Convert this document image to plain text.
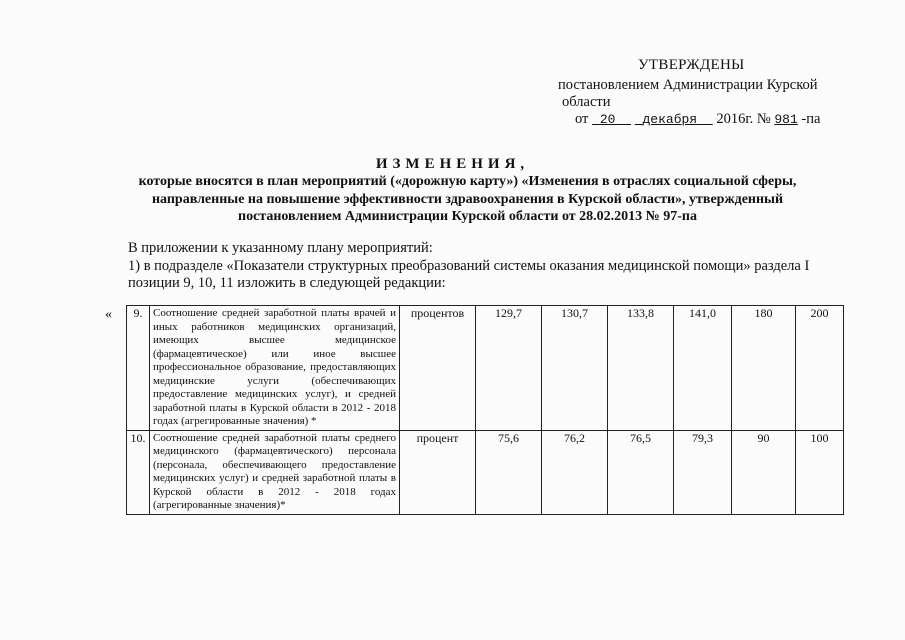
УТВЕРЖДЕНЫ
постановлением Администрации Курской
области
от 20 декабря 2016г. № 981 -па
ИЗМЕНЕНИЯ,
которые вносятся в план мероприятий («дорожную карту») «Изменения в отраслях социальной сферы, направленные на повышение эффективности здравоохранения в Курской области», утвержденный постановлением Администрации Курской области от 28.02.2013 № 97-па
В приложении к указанному плану мероприятий:
1) в подразделе «Показатели структурных преобразований системы оказания медицинской помощи» раздела I
позиции 9, 10, 11 изложить в следующей редакции:
« 9.	Соотношение средней заработной платы врачей и иных работников медицинских организаций, имеющих высшее медицинское (фармацевтическое) или иное высшее профессиональное образование, предоставляющих медицинские услуги (обеспечивающих предоставление медицинских услуг), и средней заработной платы в Курской области в 2012 - 2018 годах (агрегированные значения) *	процентов	129,7	130,7	133,8	141,0	180	200
10.	Соотношение средней заработной платы среднего медицинского (фармацевтического) персонала (персонала, обеспечивающего предоставление медицинских услуг) и средней заработной платы в Курской области в 2012 - 2018 годах (агрегированные значения)*	процент	75,6	76,2	76,5	79,3	90	100
